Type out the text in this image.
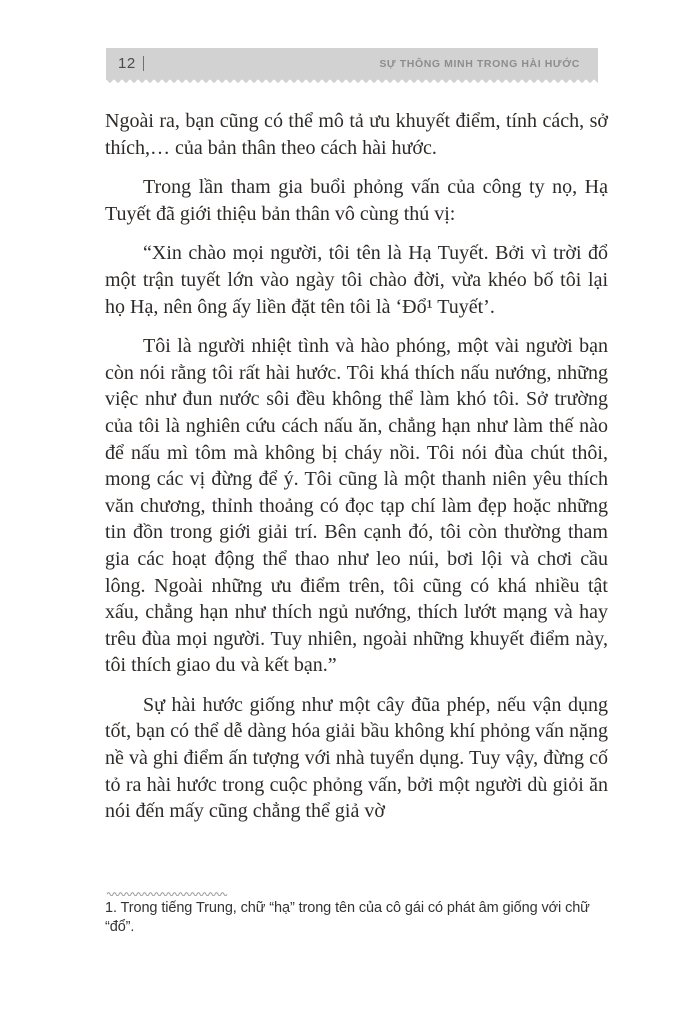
12	SỰ THÔNG MINH TRONG HÀI HƯỚC

Ngoài ra, bạn cũng có thể mô tả ưu khuyết điểm, tính cách, sở thích,… của bản thân theo cách hài hước.

Trong lần tham gia buổi phỏng vấn của công ty nọ, Hạ Tuyết đã giới thiệu bản thân vô cùng thú vị:

“Xin chào mọi người, tôi tên là Hạ Tuyết. Bởi vì trời đổ một trận tuyết lớn vào ngày tôi chào đời, vừa khéo bố tôi lại họ Hạ, nên ông ấy liền đặt tên tôi là ‘Đổ¹ Tuyết’.

Tôi là người nhiệt tình và hào phóng, một vài người bạn còn nói rằng tôi rất hài hước. Tôi khá thích nấu nướng, những việc như đun nước sôi đều không thể làm khó tôi. Sở trường của tôi là nghiên cứu cách nấu ăn, chẳng hạn như làm thế nào để nấu mì tôm mà không bị cháy nồi. Tôi nói đùa chút thôi, mong các vị đừng để ý. Tôi cũng là một thanh niên yêu thích văn chương, thỉnh thoảng có đọc tạp chí làm đẹp hoặc những tin đồn trong giới giải trí. Bên cạnh đó, tôi còn thường tham gia các hoạt động thể thao như leo núi, bơi lội và chơi cầu lông. Ngoài những ưu điểm trên, tôi cũng có khá nhiều tật xấu, chẳng hạn như thích ngủ nướng, thích lướt mạng và hay trêu đùa mọi người. Tuy nhiên, ngoài những khuyết điểm này, tôi thích giao du và kết bạn.”

Sự hài hước giống như một cây đũa phép, nếu vận dụng tốt, bạn có thể dễ dàng hóa giải bầu không khí phỏng vấn nặng nề và ghi điểm ấn tượng với nhà tuyển dụng. Tuy vậy, đừng cố tỏ ra hài hước trong cuộc phỏng vấn, bởi một người dù giỏi ăn nói đến mấy cũng chẳng thể giả vờ

1. Trong tiếng Trung, chữ “hạ” trong tên của cô gái có phát âm giống với chữ “đổ”.
